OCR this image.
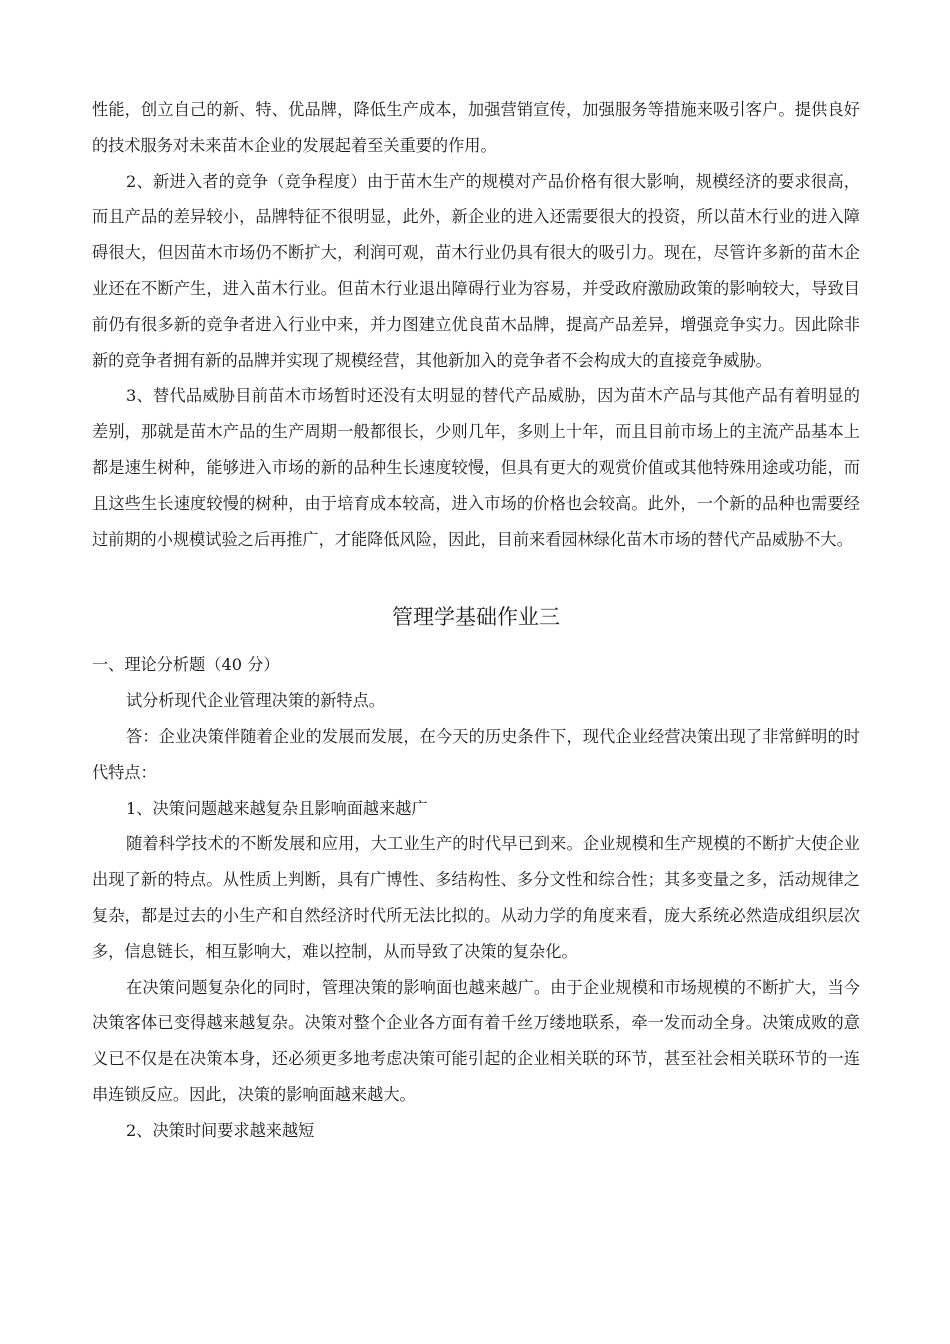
性能，创立自己的新、特、优品牌，降低生产成本，加强营销宣传，加强服务等措施来吸引客户。提供良好的技术服务对未来苗木企业的发展起着至关重要的作用。

2、新进入者的竞争（竞争程度）由于苗木生产的规模对产品价格有很大影响，规模经济的要求很高，而且产品的差异较小，品牌特征不很明显，此外，新企业的进入还需要很大的投资，所以苗木行业的进入障碍很大，但因苗木市场仍不断扩大，利润可观，苗木行业仍具有很大的吸引力。现在，尽管许多新的苗木企业还在不断产生，进入苗木行业。但苗木行业退出障碍行业为容易，并受政府激励政策的影响较大，导致目前仍有很多新的竞争者进入行业中来，并力图建立优良苗木品牌，提高产品差异，增强竞争实力。因此除非新的竞争者拥有新的品牌并实现了规模经营，其他新加入的竞争者不会构成大的直接竞争威胁。

3、替代品威胁目前苗木市场暂时还没有太明显的替代产品威胁，因为苗木产品与其他产品有着明显的差别，那就是苗木产品的生产周期一般都很长，少则几年，多则上十年，而且目前市场上的主流产品基本上都是速生树种，能够进入市场的新的品种生长速度较慢，但具有更大的观赏价值或其他特殊用途或功能，而且这些生长速度较慢的树种，由于培育成本较高，进入市场的价格也会较高。此外，一个新的品种也需要经过前期的小规模试验之后再推广，才能降低风险，因此，目前来看园林绿化苗木市场的替代产品威胁不大。

管理学基础作业三

一、理论分析题（40 分）

试分析现代企业管理决策的新特点。

答：企业决策伴随着企业的发展而发展，在今天的历史条件下，现代企业经营决策出现了非常鲜明的时代特点：

1、决策问题越来越复杂且影响面越来越广

随着科学技术的不断发展和应用，大工业生产的时代早已到来。企业规模和生产规模的不断扩大使企业出现了新的特点。从性质上判断，具有广博性、多结构性、多分文性和综合性；其多变量之多，活动规律之复杂，都是过去的小生产和自然经济时代所无法比拟的。从动力学的角度来看，庞大系统必然造成组织层次多，信息链长，相互影响大，难以控制，从而导致了决策的复杂化。

在决策问题复杂化的同时，管理决策的影响面也越来越广。由于企业规模和市场规模的不断扩大，当今决策客体已变得越来越复杂。决策对整个企业各方面有着千丝万缕地联系，牵一发而动全身。决策成败的意义已不仅是在决策本身，还必须更多地考虑决策可能引起的企业相关联的环节，甚至社会相关联环节的一连串连锁反应。因此，决策的影响面越来越大。

2、决策时间要求越来越短
